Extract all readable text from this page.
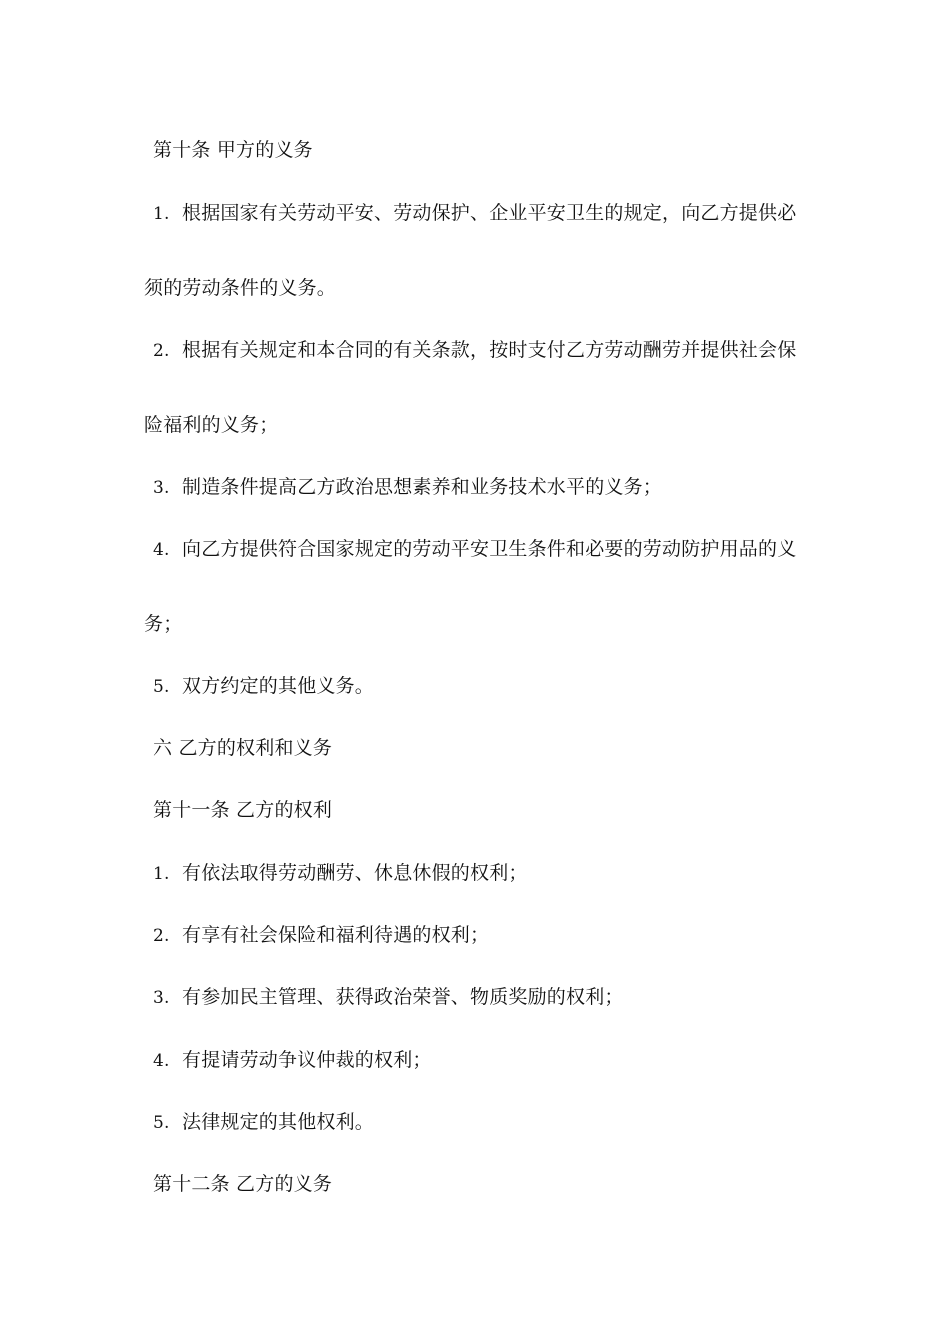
第十条 甲方的义务
1. 根据国家有关劳动平安、劳动保护、企业平安卫生的规定，向乙方提供必
须的劳动条件的义务。
2. 根据有关规定和本合同的有关条款，按时支付乙方劳动酬劳并提供社会保
险福利的义务；
3. 制造条件提高乙方政治思想素养和业务技术水平的义务；
4. 向乙方提供符合国家规定的劳动平安卫生条件和必要的劳动防护用品的义
务；
5. 双方约定的其他义务。
六 乙方的权利和义务
第十一条 乙方的权利
1. 有依法取得劳动酬劳、休息休假的权利；
2. 有享有社会保险和福利待遇的权利；
3. 有参加民主管理、获得政治荣誉、物质奖励的权利；
4. 有提请劳动争议仲裁的权利；
5. 法律规定的其他权利。
第十二条 乙方的义务
